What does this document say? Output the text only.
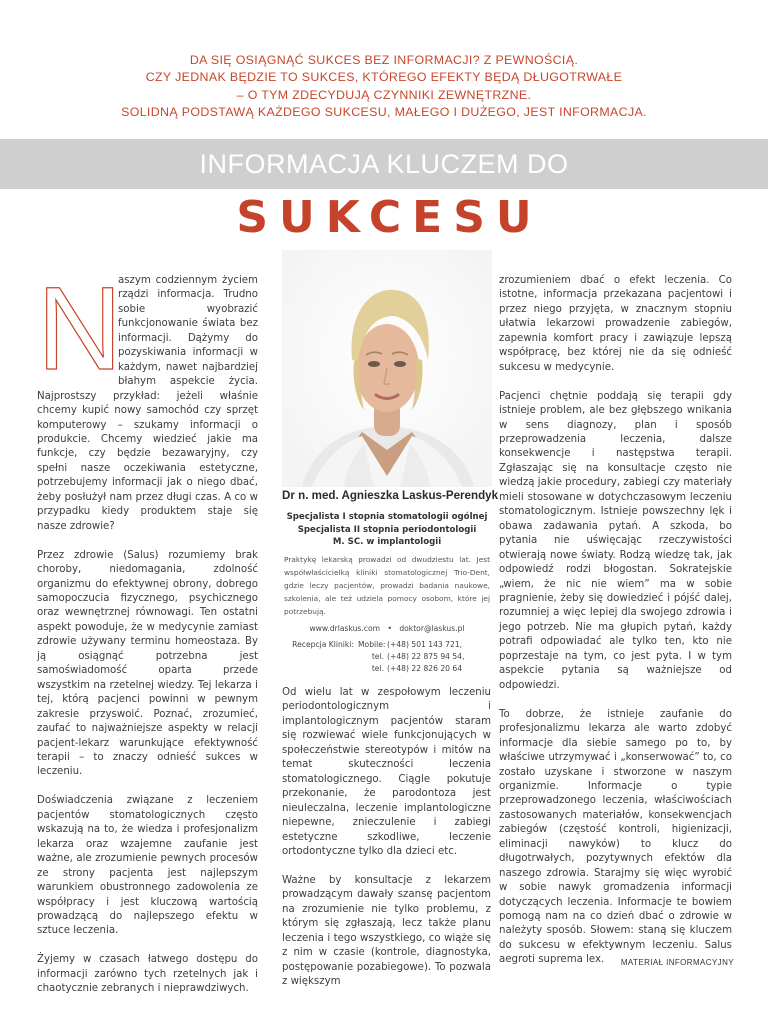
DA SIĘ OSIĄGNĄĆ SUKCES BEZ INFORMACJI? Z PEWNOŚCIĄ.
CZY JEDNAK BĘDZIE TO SUKCES, KTÓREGO EFEKTY BĘDĄ DŁUGOTRWAŁE
– O TYM ZDECYDUJĄ CZYNNIKI ZEWNĘTRZNE.
SOLIDNĄ PODSTAWĄ KAŻDEGO SUKCESU, MAŁEGO I DUŻEGO, JEST INFORMACJA.
INFORMACJA KLUCZEM DO
SUKCESU
N

aszym codziennym życiem rządzi informacja. Trudno sobie wyobrazić funkcjonowanie świata bez informacji. Dążymy do pozyskiwania informacji w każdym, nawet najbardziej błahym aspekcie życia. Najprostszy przykład: jeżeli właśnie chcemy kupić nowy samochód czy sprzęt komputerowy – szukamy informacji o produkcie. Chcemy wiedzieć jakie ma funkcje, czy będzie bezawaryjny, czy spełni nasze oczekiwania estetyczne, potrzebujemy informacji jak o niego dbać, żeby posłużył nam przez długi czas. A co w przypadku kiedy produktem staje się nasze zdrowie?

Przez zdrowie (Salus) rozumiemy brak choroby, niedomagania, zdolność organizmu do efektywnej obrony, dobrego samopoczucia fizycznego, psychicznego oraz wewnętrznej równowagi. Ten ostatni aspekt powoduje, że w medycynie zamiast zdrowie używany terminu homeostaza. By ją osiągnąć potrzebna jest samoświadomość oparta przede wszystkim na rzetelnej wiedzy. Tej lekarza i tej, którą pacjenci powinni w pewnym zakresie przyswoić. Poznać, zrozumieć, zaufać to najważniejsze aspekty w relacji pacjent-lekarz warunkujące efektywność terapii – to znaczy odnieść sukces w leczeniu.

Doświadczenia związane z leczeniem pacjentów stomatologicznych często wskazują na to, że wiedza i profesjonalizm lekarza oraz wzajemne zaufanie jest ważne, ale zrozumienie pewnych procesów ze strony pacjenta jest najlepszym warunkiem obustronnego zadowolenia ze współpracy i jest kluczową wartością prowadzącą do najlepszego efektu w sztuce leczenia.

Żyjemy w czasach łatwego dostępu do informacji zarówno tych rzetelnych jak i chaotycznie zebranych i nieprawdziwych.

Dr n. med. Agnieszka Laskus-Perendyk
Specjalista I stopnia stomatologii ogólnej
Specjalista II stopnia periodontologii
M. SC. w implantologii
Praktykę lekarską prowadzi od dwudziestu lat. Jest współwłaścicielką kliniki stomatologicznej Trio-Dent, gdzie leczy pacjentów, prowadzi badania naukowe, szkolenia, ale też udziela pomocy osobom, które jej potrzebują.
www.drlaskus.com • doktor@laskus.pl
Recepcja Kliniki: Mobile: (+48) 501 143 721,
tel. (+48) 22 875 94 54,
tel. (+48) 22 826 20 64

Od wielu lat w zespołowym leczeniu periodontologicznym i implantologicznym pacjentów staram się rozwiewać wiele funkcjonujących w społeczeństwie stereotypów i mitów na temat skuteczności leczenia stomatologicznego. Ciągle pokutuje przekonanie, że parodontoza jest nieuleczalna, leczenie implantologiczne niepewne, znieczulenie i zabiegi estetyczne szkodliwe, leczenie ortodontyczne tylko dla dzieci etc.

Ważne by konsultacje z lekarzem prowadzącym dawały szansę pacjentom na zrozumienie nie tylko problemu, z którym się zgłaszają, lecz także planu leczenia i tego wszystkiego, co wiąże się z nim w czasie (kontrole, diagnostyka, postępowanie pozabiegowe). To pozwala z większym

zrozumieniem dbać o efekt leczenia. Co istotne, informacja przekazana pacjentowi i przez niego przyjęta, w znacznym stopniu ułatwia lekarzowi prowadzenie zabiegów, zapewnia komfort pracy i zawiązuje lepszą współpracę, bez której nie da się odnieść sukcesu w medycynie.

Pacjenci chętnie poddają się terapii gdy istnieje problem, ale bez głębszego wnikania w sens diagnozy, plan i sposób przeprowadzenia leczenia, dalsze konsekwencje i następstwa terapii. Zgłaszając się na konsultacje często nie wiedzą jakie procedury, zabiegi czy materiały mieli stosowane w dotychczasowym leczeniu stomatologicznym. Istnieje powszechny lęk i obawa zadawania pytań. A szkoda, bo pytania nie uświęcając rzeczywistości otwierają nowe światy. Rodzą wiedzę tak, jak odpowiedź rodzi błogostan. Sokratejskie „wiem, że nic nie wiem” ma w sobie pragnienie, żeby się dowiedzieć i pójść dalej, rozumniej a więc lepiej dla swojego zdrowia i jego potrzeb. Nie ma głupich pytań, każdy potrafi odpowiadać ale tylko ten, kto nie poprzestaje na tym, co jest pyta. I w tym aspekcie pytania są ważniejsze od odpowiedzi.

To dobrze, że istnieje zaufanie do profesjonalizmu lekarza ale warto zdobyć informacje dla siebie samego po to, by właściwe utrzymywać i „konserwować” to, co zostało uzyskane i stworzone w naszym organizmie. Informacje o typie przeprowadzonego leczenia, właściwościach zastosowanych materiałów, konsekwencjach zabiegów (częstość kontroli, higienizacji, eliminacji nawyków) to klucz do długotrwałych, pozytywnych efektów dla naszego zdrowia. Starajmy się więc wyrobić w sobie nawyk gromadzenia informacji dotyczących leczenia. Informacje te bowiem pomogą nam na co dzień dbać o zdrowie w należyty sposób. Słowem: staną się kluczem do sukcesu w efektywnym leczeniu. Salus aegroti suprema lex.	MATERIAŁ INFORMACYJNY
